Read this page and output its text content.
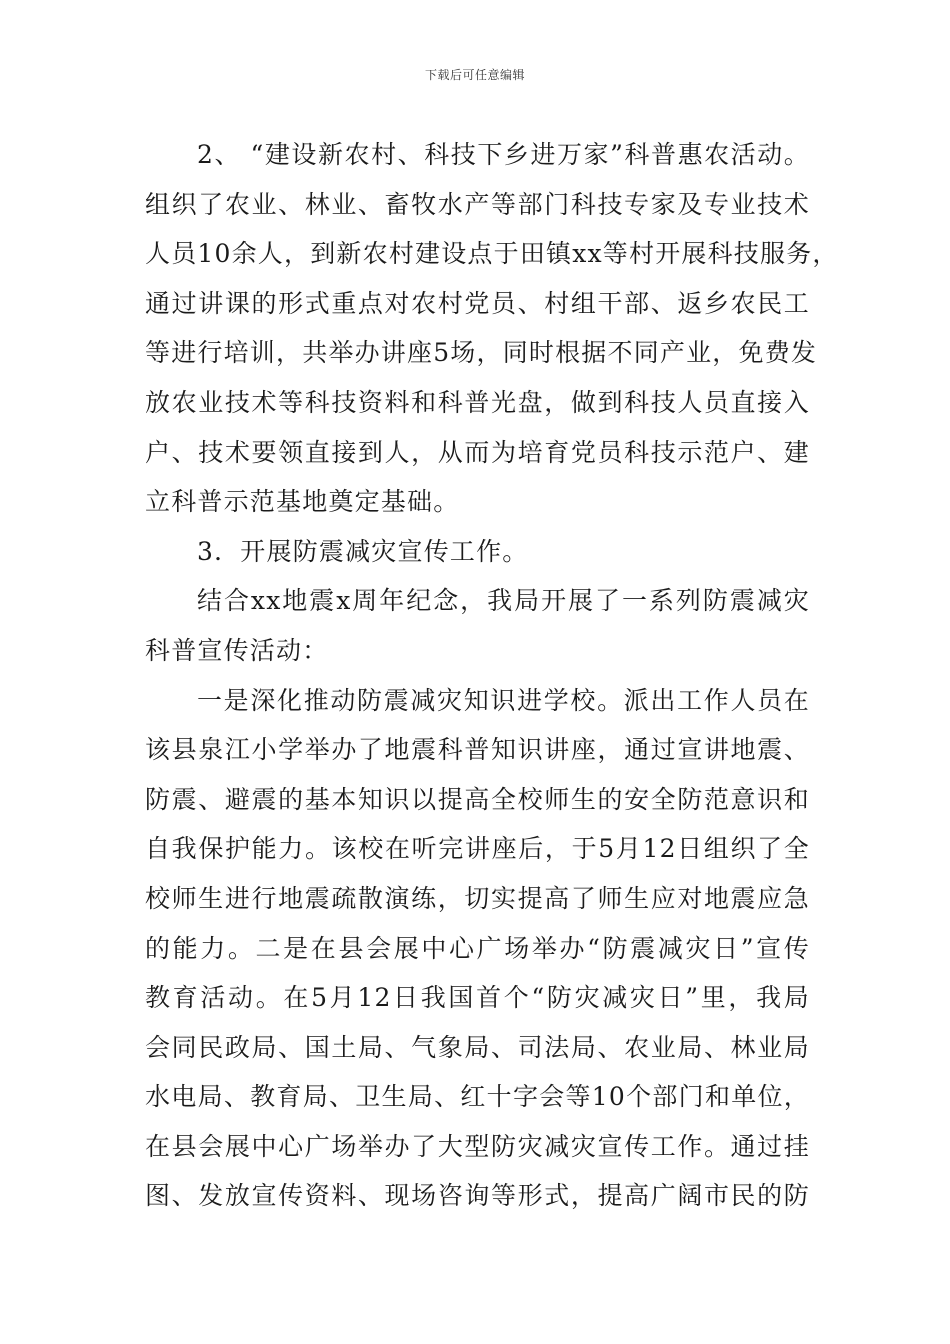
下载后可任意编辑
2、 “建设新农村、科技下乡进万家”科普惠农活动。
组织了农业、林业、畜牧水产等部门科技专家及专业技术
人员10余人，到新农村建设点于田镇xx等村开展科技服务，
通过讲课的形式重点对农村党员、村组干部、返乡农民工
等进行培训，共举办讲座5场，同时根据不同产业，免费发
放农业技术等科技资料和科普光盘，做到科技人员直接入
户、技术要领直接到人，从而为培育党员科技示范户、建
立科普示范基地奠定基础。
3．开展防震减灾宣传工作。
结合xx地震x周年纪念，我局开展了一系列防震减灾
科普宣传活动：
一是深化推动防震减灾知识进学校。派出工作人员在
该县泉江小学举办了地震科普知识讲座，通过宣讲地震、
防震、避震的基本知识以提高全校师生的安全防范意识和
自我保护能力。该校在听完讲座后，于5月12日组织了全
校师生进行地震疏散演练，切实提高了师生应对地震应急
的能力。二是在县会展中心广场举办“防震减灾日”宣传
教育活动。在5月12日我国首个“防灾减灾日”里，我局
会同民政局、国土局、气象局、司法局、农业局、林业局
水电局、教育局、卫生局、红十字会等10个部门和单位，
在县会展中心广场举办了大型防灾减灾宣传工作。通过挂
图、发放宣传资料、现场咨询等形式，提高广阔市民的防
